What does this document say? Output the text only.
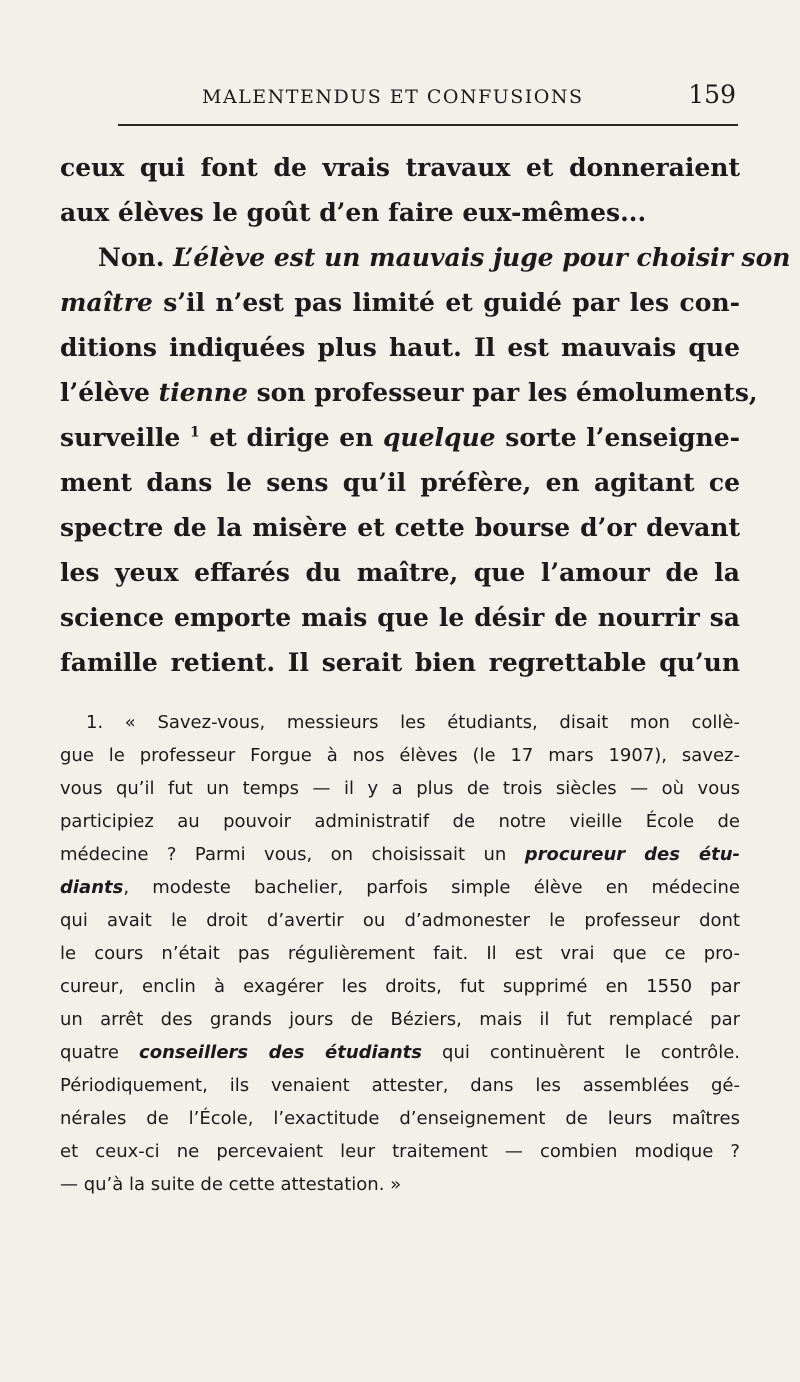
MALENTENDUS ET CONFUSIONS	159
ceux qui font de vrais travaux et donneraient
aux élèves le goût d’en faire eux-mêmes...
Non. L’élève est un mauvais juge pour choisir son
maître s’il n’est pas limité et guidé par les con-
ditions indiquées plus haut. Il est mauvais que
l’élève tienne son professeur par les émoluments,
surveille $^1$ et dirige en quelque sorte l’enseigne-
ment dans le sens qu’il préfère, en agitant ce
spectre de la misère et cette bourse d’or devant
les yeux effarés du maître, que l’amour de la
science emporte mais que le désir de nourrir sa
famille retient. Il serait bien regrettable qu’un
1. « Savez-vous, messieurs les étudiants, disait mon collè-
gue le professeur Forgue à nos élèves (le 17 mars 1907), savez-
vous qu’il fut un temps — il y a plus de trois siècles — où vous
participiez au pouvoir administratif de notre vieille École de
médecine ? Parmi vous, on choisissait un procureur des étu-
diants, modeste bachelier, parfois simple élève en médecine
qui avait le droit d’avertir ou d’admonester le professeur dont
le cours n’était pas régulièrement fait. Il est vrai que ce pro-
cureur, enclin à exagérer les droits, fut supprimé en 1550 par
un arrêt des grands jours de Béziers, mais il fut remplacé par
quatre conseillers des étudiants qui continuèrent le contrôle.
Périodiquement, ils venaient attester, dans les assemblées gé-
nérales de l’École, l’exactitude d’enseignement de leurs maîtres
et ceux-ci ne percevaient leur traitement — combien modique ?
— qu’à la suite de cette attestation. »
